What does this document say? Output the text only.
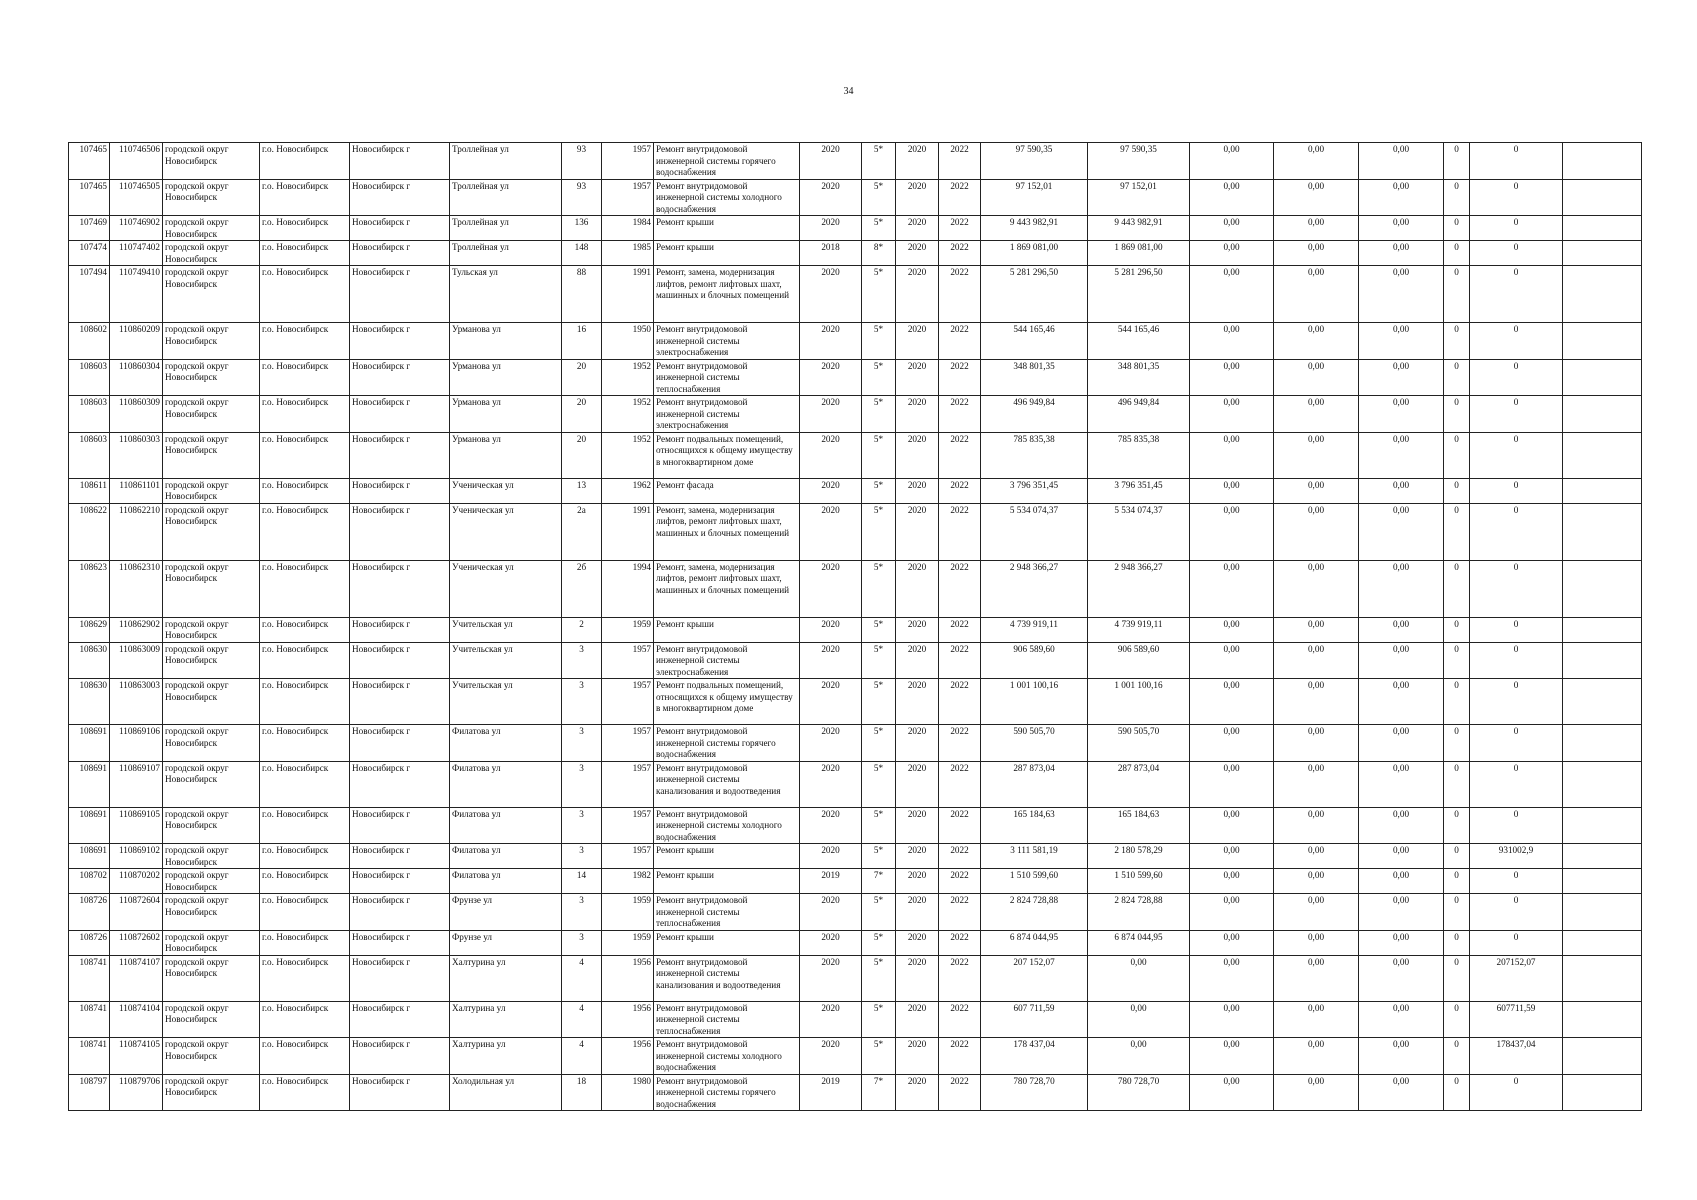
34
107465	110746506	городской округ Новосибирск	г.о. Новосибирск	Новосибирск г	Троллейная ул	93	1957	Ремонт внутридомовой инженерной системы горячего водоснабжения	2020	5*	2020	2022	97 590,35	97 590,35	0,00	0,00	0,00	0	0	
107465	110746505	городской округ Новосибирск	г.о. Новосибирск	Новосибирск г	Троллейная ул	93	1957	Ремонт внутридомовой инженерной системы холодного водоснабжения	2020	5*	2020	2022	97 152,01	97 152,01	0,00	0,00	0,00	0	0	
107469	110746902	городской округ Новосибирск	г.о. Новосибирск	Новосибирск г	Троллейная ул	136	1984	Ремонт крыши	2020	5*	2020	2022	9 443 982,91	9 443 982,91	0,00	0,00	0,00	0	0	
107474	110747402	городской округ Новосибирск	г.о. Новосибирск	Новосибирск г	Троллейная ул	148	1985	Ремонт крыши	2018	8*	2020	2022	1 869 081,00	1 869 081,00	0,00	0,00	0,00	0	0	
107494	110749410	городской округ Новосибирск	г.о. Новосибирск	Новосибирск г	Тульская ул	88	1991	Ремонт, замена, модернизация лифтов, ремонт лифтовых шахт, машинных и блочных помещений	2020	5*	2020	2022	5 281 296,50	5 281 296,50	0,00	0,00	0,00	0	0	
108602	110860209	городской округ Новосибирск	г.о. Новосибирск	Новосибирск г	Урманова ул	16	1950	Ремонт внутридомовой инженерной системы электроснабжения	2020	5*	2020	2022	544 165,46	544 165,46	0,00	0,00	0,00	0	0	
108603	110860304	городской округ Новосибирск	г.о. Новосибирск	Новосибирск г	Урманова ул	20	1952	Ремонт внутридомовой инженерной системы теплоснабжения	2020	5*	2020	2022	348 801,35	348 801,35	0,00	0,00	0,00	0	0	
108603	110860309	городской округ Новосибирск	г.о. Новосибирск	Новосибирск г	Урманова ул	20	1952	Ремонт внутридомовой инженерной системы электроснабжения	2020	5*	2020	2022	496 949,84	496 949,84	0,00	0,00	0,00	0	0	
108603	110860303	городской округ Новосибирск	г.о. Новосибирск	Новосибирск г	Урманова ул	20	1952	Ремонт подвальных помещений, относящихся к общему имуществу в многоквартирном доме	2020	5*	2020	2022	785 835,38	785 835,38	0,00	0,00	0,00	0	0	
108611	110861101	городской округ Новосибирск	г.о. Новосибирск	Новосибирск г	Ученическая ул	13	1962	Ремонт фасада	2020	5*	2020	2022	3 796 351,45	3 796 351,45	0,00	0,00	0,00	0	0	
108622	110862210	городской округ Новосибирск	г.о. Новосибирск	Новосибирск г	Ученическая ул	2а	1991	Ремонт, замена, модернизация лифтов, ремонт лифтовых шахт, машинных и блочных помещений	2020	5*	2020	2022	5 534 074,37	5 534 074,37	0,00	0,00	0,00	0	0	
108623	110862310	городской округ Новосибирск	г.о. Новосибирск	Новосибирск г	Ученическая ул	2б	1994	Ремонт, замена, модернизация лифтов, ремонт лифтовых шахт, машинных и блочных помещений	2020	5*	2020	2022	2 948 366,27	2 948 366,27	0,00	0,00	0,00	0	0	
108629	110862902	городской округ Новосибирск	г.о. Новосибирск	Новосибирск г	Учительская ул	2	1959	Ремонт крыши	2020	5*	2020	2022	4 739 919,11	4 739 919,11	0,00	0,00	0,00	0	0	
108630	110863009	городской округ Новосибирск	г.о. Новосибирск	Новосибирск г	Учительская ул	3	1957	Ремонт внутридомовой инженерной системы электроснабжения	2020	5*	2020	2022	906 589,60	906 589,60	0,00	0,00	0,00	0	0	
108630	110863003	городской округ Новосибирск	г.о. Новосибирск	Новосибирск г	Учительская ул	3	1957	Ремонт подвальных помещений, относящихся к общему имуществу в многоквартирном доме	2020	5*	2020	2022	1 001 100,16	1 001 100,16	0,00	0,00	0,00	0	0	
108691	110869106	городской округ Новосибирск	г.о. Новосибирск	Новосибирск г	Филатова ул	3	1957	Ремонт внутридомовой инженерной системы горячего водоснабжения	2020	5*	2020	2022	590 505,70	590 505,70	0,00	0,00	0,00	0	0	
108691	110869107	городской округ Новосибирск	г.о. Новосибирск	Новосибирск г	Филатова ул	3	1957	Ремонт внутридомовой инженерной системы канализования и водоотведения	2020	5*	2020	2022	287 873,04	287 873,04	0,00	0,00	0,00	0	0	
108691	110869105	городской округ Новосибирск	г.о. Новосибирск	Новосибирск г	Филатова ул	3	1957	Ремонт внутридомовой инженерной системы холодного водоснабжения	2020	5*	2020	2022	165 184,63	165 184,63	0,00	0,00	0,00	0	0	
108691	110869102	городской округ Новосибирск	г.о. Новосибирск	Новосибирск г	Филатова ул	3	1957	Ремонт крыши	2020	5*	2020	2022	3 111 581,19	2 180 578,29	0,00	0,00	0,00	0	931002,9	
108702	110870202	городской округ Новосибирск	г.о. Новосибирск	Новосибирск г	Филатова ул	14	1982	Ремонт крыши	2019	7*	2020	2022	1 510 599,60	1 510 599,60	0,00	0,00	0,00	0	0	
108726	110872604	городской округ Новосибирск	г.о. Новосибирск	Новосибирск г	Фрунзе ул	3	1959	Ремонт внутридомовой инженерной системы теплоснабжения	2020	5*	2020	2022	2 824 728,88	2 824 728,88	0,00	0,00	0,00	0	0	
108726	110872602	городской округ Новосибирск	г.о. Новосибирск	Новосибирск г	Фрунзе ул	3	1959	Ремонт крыши	2020	5*	2020	2022	6 874 044,95	6 874 044,95	0,00	0,00	0,00	0	0	
108741	110874107	городской округ Новосибирск	г.о. Новосибирск	Новосибирск г	Халтурина ул	4	1956	Ремонт внутридомовой инженерной системы канализования и водоотведения	2020	5*	2020	2022	207 152,07	0,00	0,00	0,00	0,00	0	207152,07	
108741	110874104	городской округ Новосибирск	г.о. Новосибирск	Новосибирск г	Халтурина ул	4	1956	Ремонт внутридомовой инженерной системы теплоснабжения	2020	5*	2020	2022	607 711,59	0,00	0,00	0,00	0,00	0	607711,59	
108741	110874105	городской округ Новосибирск	г.о. Новосибирск	Новосибирск г	Халтурина ул	4	1956	Ремонт внутридомовой инженерной системы холодного водоснабжения	2020	5*	2020	2022	178 437,04	0,00	0,00	0,00	0,00	0	178437,04	
108797	110879706	городской округ Новосибирск	г.о. Новосибирск	Новосибирск г	Холодильная ул	18	1980	Ремонт внутридомовой инженерной системы горячего водоснабжения	2019	7*	2020	2022	780 728,70	780 728,70	0,00	0,00	0,00	0	0	
